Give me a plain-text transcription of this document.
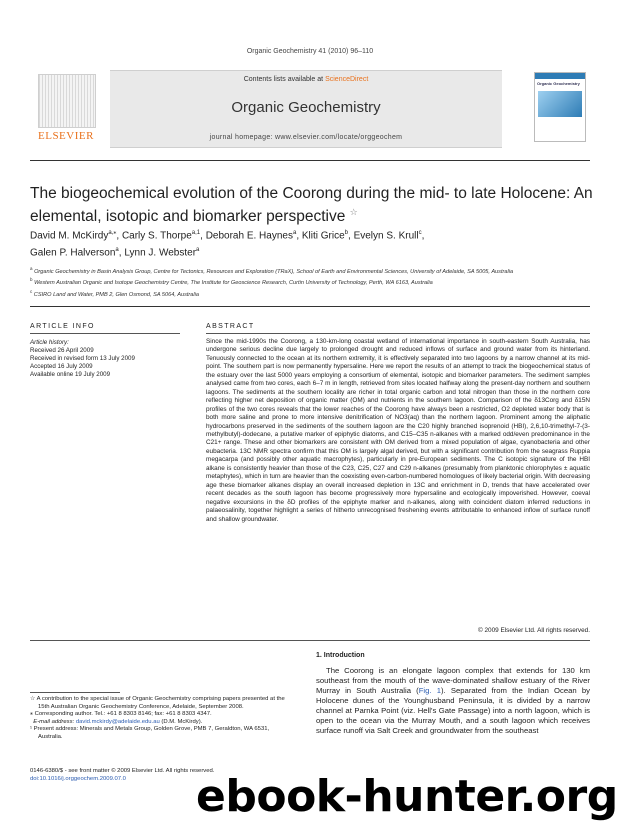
Organic Geochemistry 41 (2010) 96–110
ELSEVIER
Contents lists available at ScienceDirect
Organic Geochemistry
journal homepage: www.elsevier.com/locate/orggeochem
Organic Geochemistry
The biogeochemical evolution of the Coorong during the mid- to late Holocene: An elemental, isotopic and biomarker perspective ☆
David M. McKirdy$^{a,⁎}$, Carly S. Thorpe$^{a,1}$, Deborah E. Haynes$^a$, Kliti Grice$^b$, Evelyn S. Krull$^c$,
Galen P. Halverson$^a$, Lynn J. Webster$^a$
$^a$ Organic Geochemistry in Basin Analysis Group, Centre for Tectonics, Resources and Exploration (TRaX), School of Earth and Environmental Sciences, University of Adelaide, SA 5005, Australia
$^b$ Western Australian Organic and Isotope Geochemistry Centre, The Institute for Geoscience Research, Curtin University of Technology, Perth, WA 6163, Australia
$^c$ CSIRO Land and Water, PMB 2, Glen Osmond, SA 5064, Australia
ARTICLE INFO	ABSTRACT
Article history:
Received 26 April 2009
Received in revised form 13 July 2009
Accepted 16 July 2009
Available online 19 July 2009
Since the mid-1990s the Coorong, a 130-km-long coastal wetland of international importance in south-eastern South Australia, has undergone serious decline due largely to prolonged drought and reduced inflows of surface and ground water from its hinterland. Tenuously connected to the ocean at its northern extremity, it is effectively separated into two lagoons by a narrow channel at its mid-point. The southern part is now permanently hypersaline. Here we report the results of an attempt to track the biogeochemical status of the estuary over the last 5000 years employing a consortium of elemental, isotopic and biomarker parameters. The sediment samples analysed came from two cores, each 6–7 m in length, retrieved from sites located halfway along the present-day northern and southern lagoons. The sediments at the southern locality are richer in total organic carbon and total nitrogen than those in the northern core reflecting higher net deposition of organic matter (OM) and nutrients in the southern lagoon. Comparison of the δ13Corg and δ15N profiles of the two cores reveals that the lower reaches of the Coorong have always been a restricted, O2 depleted water body that is both more saline and prone to more intensive denitrification of NO3(aq) than the northern lagoon. Prominent among the aliphatic hydrocarbons preserved in the sediments of the southern lagoon are the C20 highly branched isoprenoid (HBI), 2,6,10-trimethyl-7-(3-methylbutyl)-dodecane, a putative marker of epiphytic diatoms, and C15–C35 n-alkanes with a marked odd/even predominance in the C21+ range. These and other biomarkers are consistent with OM derived from a mixed population of algae, cyanobacteria and other eubacteria. 13C NMR spectra confirm that this OM is largely algal derived, but with a significant contribution from the seagrass Ruppia megacarpa (and possibly other aquatic macrophytes), particularly in pre-European sediments. The C isotopic signature of the HBI alkane is consistently heavier than those of the C23, C25, C27 and C29 n-alkanes (presumably from planktonic chlorophytes ± aquatic metaphytes), which in turn are heavier than the coexisting even-carbon-numbered homologues of likely bacterial origin. With decreasing age these biomarker alkanes display an overall increased depletion in 13C and enrichment in D, trends that have accelerated over recent decades as the south lagoon has become progressively more hypersaline and ecologically impoverished. However, coeval negative excursions in the δD profiles of the epiphyte marker and n-alkanes, along with coincident diatom inferred reductions in palaeosalinity, together highlight a series of hitherto unrecognised freshening events attributable to enhanced inflow of surface runoff and shallow groundwater.
© 2009 Elsevier Ltd. All rights reserved.
1. Introduction
The Coorong is an elongate lagoon complex that extends for 130 km southeast from the mouth of the wave-dominated shallow estuary of the River Murray in South Australia (Fig. 1). Separated from the Indian Ocean by Holocene dunes of the Younghusband Peninsula, it is divided by a narrow channel at Parnka Point (viz. Hell's Gate Passage) into a north lagoon, which is open to the ocean via the Murray Mouth, and a south lagoon which receives surface runoff via Salt Creek and groundwater from the southeast

☆ A contribution to the special issue of Organic Geochemistry comprising papers presented at the 15th Australian Organic Geochemistry Conference, Adelaide, September 2008.

⁎ Corresponding author. Tel.: +61 8 8303 8146; fax: +61 8 8303 4347.

E-mail address: david.mckirdy@adelaide.edu.au (D.M. McKirdy).

¹ Present address: Minerals and Metals Group, Golden Grove, PMB 7, Geraldton, WA 6531, Australia.

0146-6380/$ - see front matter © 2009 Elsevier Ltd. All rights reserved.
doi:10.1016/j.orggeochem.2009.07.0	ebook-hunter.org
